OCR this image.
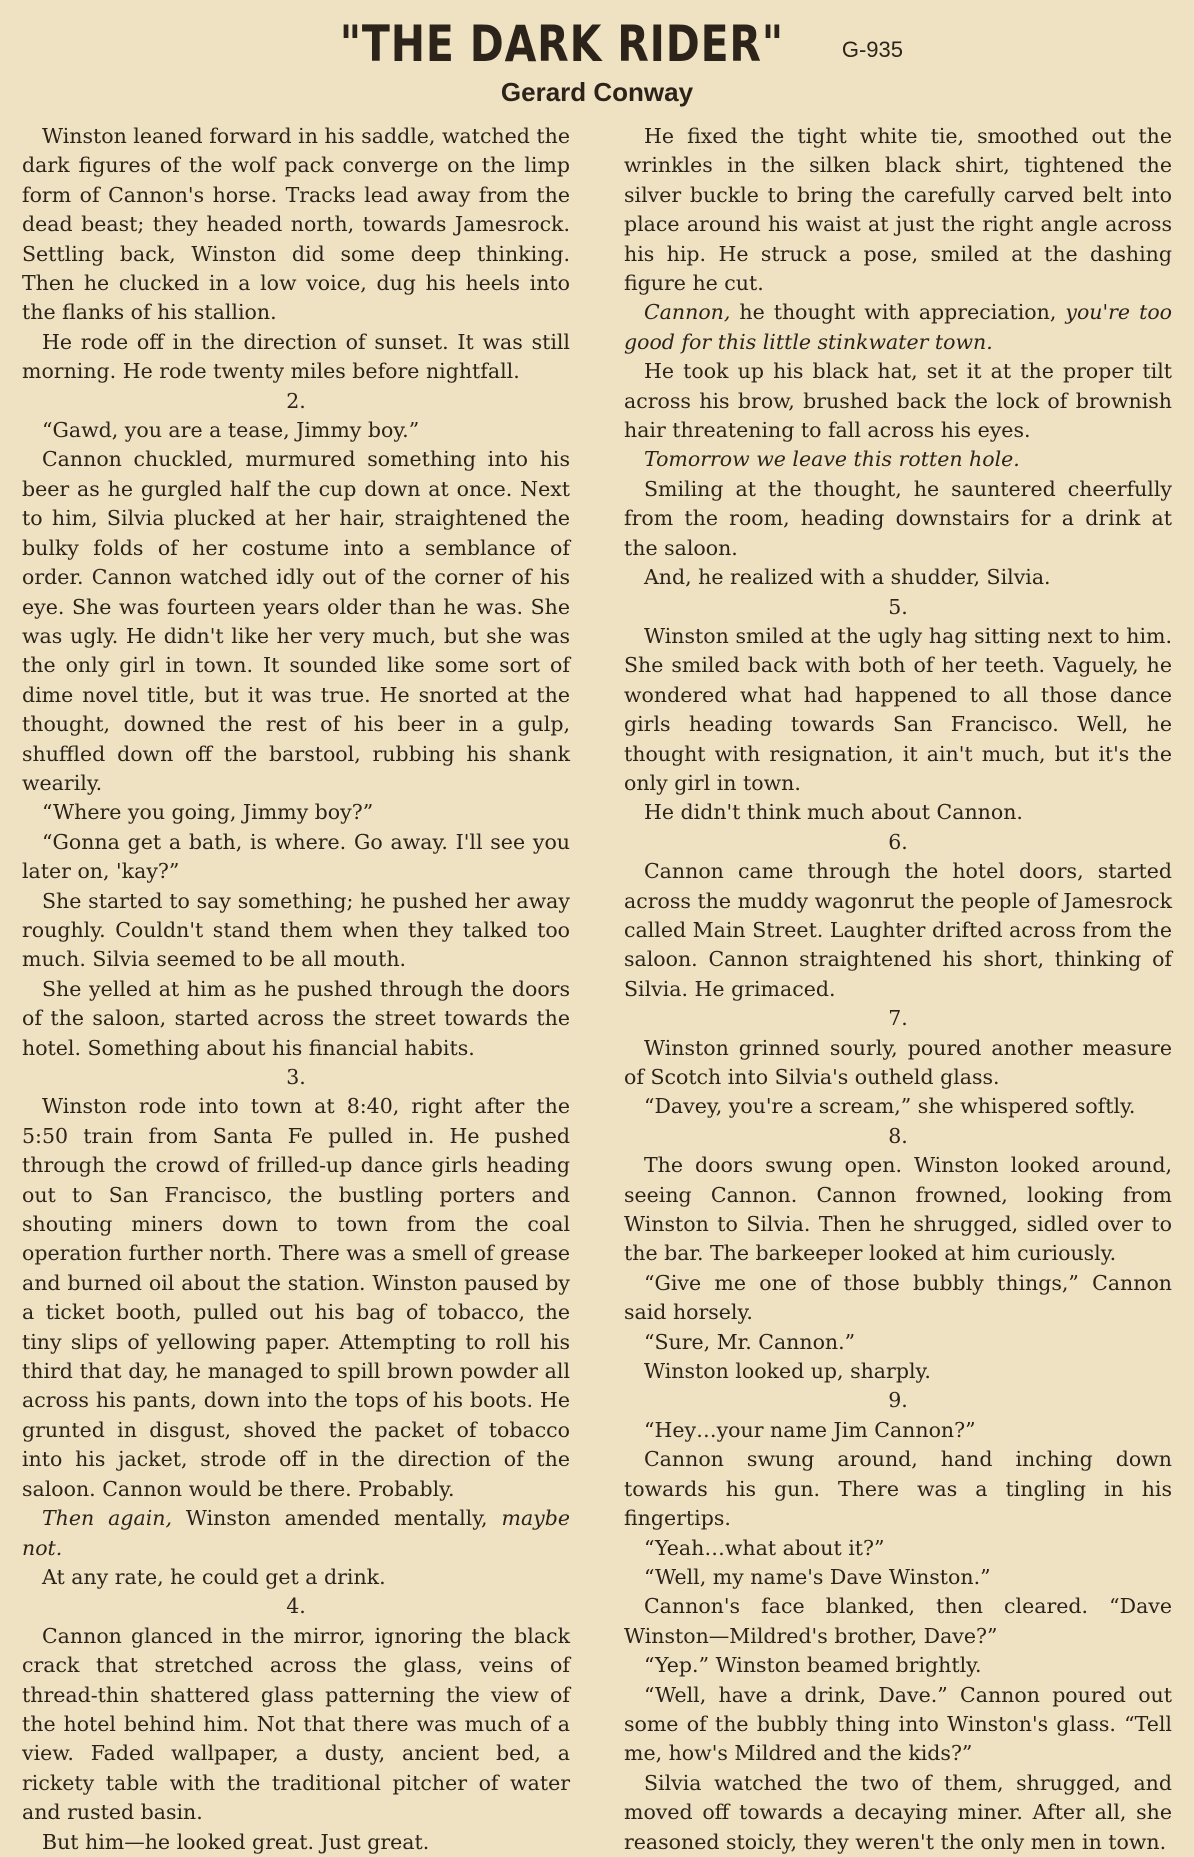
"THE DARK RIDER"	G-935
Gerard Conway

Winston leaned forward in his saddle, watched the dark figures of the wolf pack converge on the limp form of Cannon's horse. Tracks lead away from the dead beast; they headed north, towards Jamesrock. Settling back, Winston did some deep thinking. Then he clucked in a low voice, dug his heels into the flanks of his stallion.

He rode off in the direction of sunset. It was still morning. He rode twenty miles before nightfall.

2.

“Gawd, you are a tease, Jimmy boy.”

Cannon chuckled, murmured something into his beer as he gurgled half the cup down at once. Next to him, Silvia plucked at her hair, straightened the bulky folds of her costume into a semblance of order. Cannon watched idly out of the corner of his eye. She was fourteen years older than he was. She was ugly. He didn't like her very much, but she was the only girl in town. It sounded like some sort of dime novel title, but it was true. He snorted at the thought, downed the rest of his beer in a gulp, shuffled down off the barstool, rubbing his shank wearily.

“Where you going, Jimmy boy?”

“Gonna get a bath, is where. Go away. I'll see you later on, 'kay?”

She started to say something; he pushed her away roughly. Couldn't stand them when they talked too much. Silvia seemed to be all mouth.

She yelled at him as he pushed through the doors of the saloon, started across the street towards the hotel. Something about his financial habits.

3.

Winston rode into town at 8:40, right after the 5:50 train from Santa Fe pulled in. He pushed through the crowd of frilled-up dance girls heading out to San Francisco, the bustling porters and shouting miners down to town from the coal operation further north. There was a smell of grease and burned oil about the station. Winston paused by a ticket booth, pulled out his bag of tobacco, the tiny slips of yellowing paper. Attempting to roll his third that day, he managed to spill brown powder all across his pants, down into the tops of his boots. He grunted in disgust, shoved the packet of tobacco into his jacket, strode off in the direction of the saloon. Cannon would be there. Probably.

Then again, Winston amended mentally, maybe not.

At any rate, he could get a drink.

4.

Cannon glanced in the mirror, ignoring the black crack that stretched across the glass, veins of thread-thin shattered glass patterning the view of the hotel behind him. Not that there was much of a view. Faded wallpaper, a dusty, ancient bed, a rickety table with the traditional pitcher of water and rusted basin.

But him—he looked great. Just great.

He fixed the tight white tie, smoothed out the wrinkles in the silken black shirt, tightened the silver buckle to bring the carefully carved belt into place around his waist at just the right angle across his hip. He struck a pose, smiled at the dashing figure he cut.

Cannon, he thought with appreciation, you're too good for this little stinkwater town.

He took up his black hat, set it at the proper tilt across his brow, brushed back the lock of brownish hair threatening to fall across his eyes.

Tomorrow we leave this rotten hole.

Smiling at the thought, he sauntered cheerfully from the room, heading downstairs for a drink at the saloon.

And, he realized with a shudder, Silvia.

5.

Winston smiled at the ugly hag sitting next to him. She smiled back with both of her teeth. Vaguely, he wondered what had happened to all those dance girls heading towards San Francisco. Well, he thought with resignation, it ain't much, but it's the only girl in town.

He didn't think much about Cannon.

6.

Cannon came through the hotel doors, started across the muddy wagonrut the people of Jamesrock called Main Street. Laughter drifted across from the saloon. Cannon straightened his short, thinking of Silvia. He grimaced.

7.

Winston grinned sourly, poured another measure of Scotch into Silvia's outheld glass.

“Davey, you're a scream,” she whispered softly.

8.

The doors swung open. Winston looked around, seeing Cannon. Cannon frowned, looking from Winston to Silvia. Then he shrugged, sidled over to the bar. The barkeeper looked at him curiously.

“Give me one of those bubbly things,” Cannon said horsely.

“Sure, Mr. Cannon.”

Winston looked up, sharply.

9.

“Hey…your name Jim Cannon?”

Cannon swung around, hand inching down towards his gun. There was a tingling in his fingertips.

“Yeah…what about it?”

“Well, my name's Dave Winston.”

Cannon's face blanked, then cleared. “Dave Winston—Mildred's brother, Dave?”

“Yep.” Winston beamed brightly.

“Well, have a drink, Dave.” Cannon poured out some of the bubbly thing into Winston's glass. “Tell me, how's Mildred and the kids?”

Silvia watched the two of them, shrugged, and moved off towards a decaying miner. After all, she reasoned stoicly, they weren't the only men in town.
